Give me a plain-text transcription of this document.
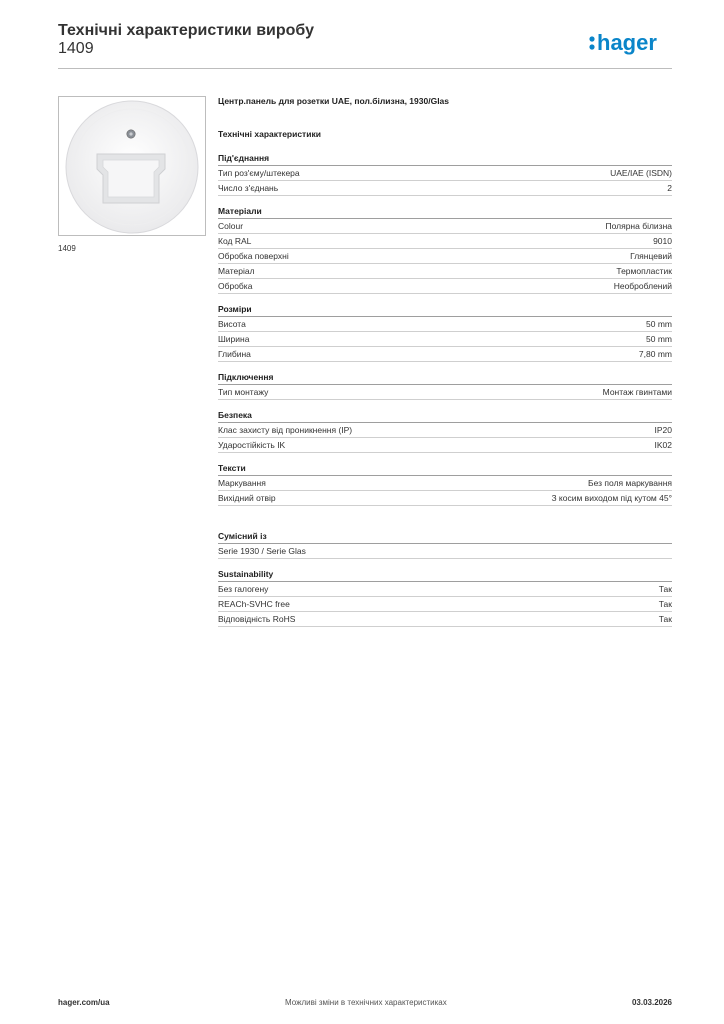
Технічні характеристики виробу
1409	hager
1409
Центр.панель для розетки UAE, пол.білизна, 1930/Glas
Технічні характеристики
Під'єднання
Тип роз'єму/штекера	UAE/IAE (ISDN)
Число з'єднань	2
Матеріали
Colour	Полярна білизна
Код RAL	9010
Обробка поверхні	Глянцевий
Матеріал	Термопластик
Обробка	Необроблений
Розміри
Висота	50 mm
Ширина	50 mm
Глибина	7,80 mm
Підключення
Тип монтажу	Монтаж гвинтами
Безпека
Клас захисту від проникнення (IP)	IP20
Ударостійкість IK	IK02
Тексти
Маркування	Без поля маркування
Вихідний отвір	З косим виходом під кутом 45°
Сумісний із
Serie 1930 / Serie Glas
Sustainability
Без галогену	Так
REACh-SVHC free	Так
Відповідність RoHS	Так
hager.com/ua	Можливі зміни в технічних характеристиках	03.03.2026
